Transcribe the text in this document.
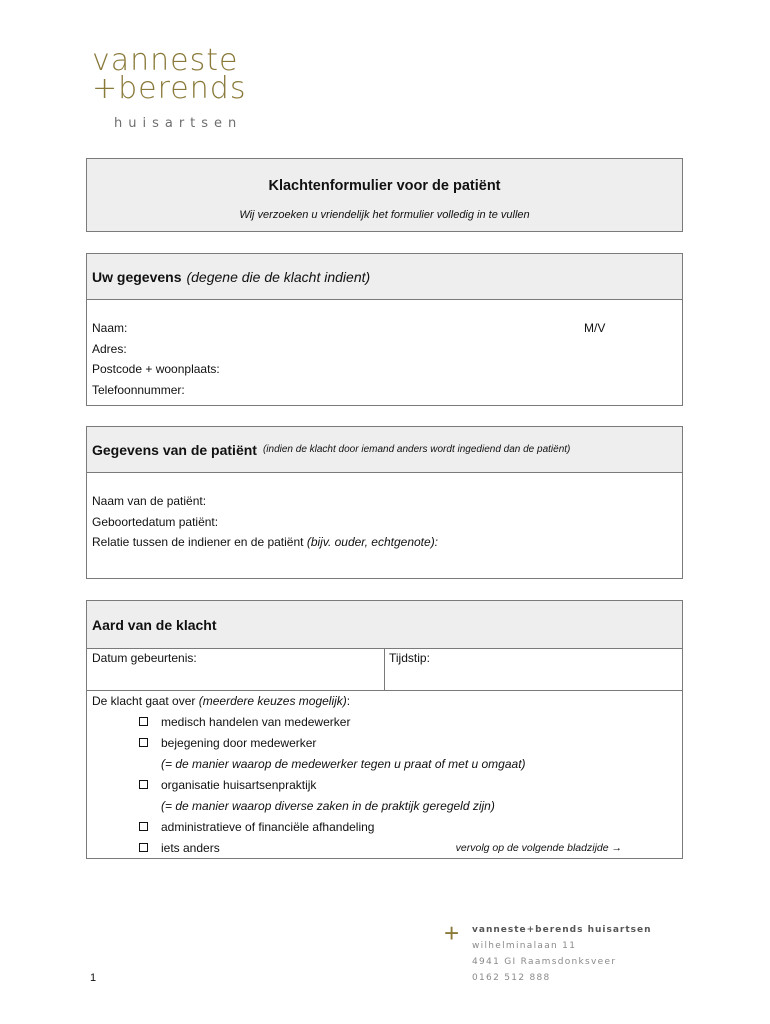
vanneste
+berends
huisartsen
Klachtenformulier voor de patiënt
Wij verzoeken u vriendelijk het formulier volledig in te vullen
Uw gegevens (degene die de klacht indient)
Naam:
Adres:
Postcode + woonplaats:
Telefoonnummer:
M/V
Gegevens van de patiënt (indien de klacht door iemand anders wordt ingediend dan de patiënt)
Naam van de patiënt:
Geboortedatum patiënt:
Relatie tussen de indiener en de patiënt (bijv. ouder, echtgenote):
Aard van de klacht
Datum gebeurtenis:	Tijdstip:
De klacht gaat over (meerdere keuzes mogelijk):
medisch handelen van medewerker
bejegening door medewerker
(= de manier waarop de medewerker tegen u praat of met u omgaat)
organisatie huisartsenpraktijk
(= de manier waarop diverse zaken in de praktijk geregeld zijn)
administratieve of financiële afhandeling
iets anders	vervolg op de volgende bladzijde →
+ vanneste+berends huisartsen
wilhelminalaan 11
4941 GI Raamsdonksveer
0162 512 888
1
